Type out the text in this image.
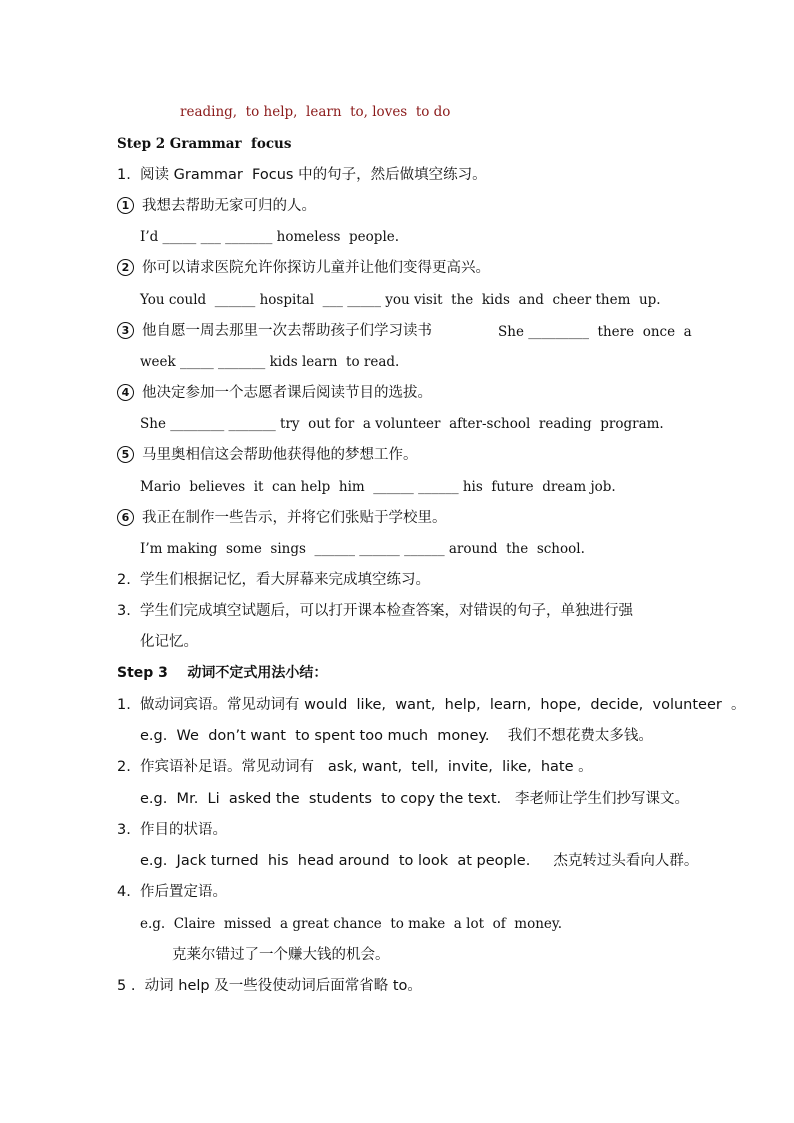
reading,  to help,  learn  to, loves  to do
Step 2 Grammar  focus
1.  阅读 Grammar  Focus 中的句子，然后做填空练习。
1 我想去帮助无家可归的人。
I’d _____ ___ _______ homeless  people.
2 你可以请求医院允许你探访儿童并让他们变得更高兴。
You could  ______ hospital  ___ _____ you visit  the  kids  and  cheer them  up.
3 他自愿一周去那里一次去帮助孩子们学习读书	She _________  there  once  a
week _____ _______ kids learn  to read.
4 他决定参加一个志愿者课后阅读节目的选拔。
She ________ _______ try  out for  a volunteer  after-school  reading  program.
5 马里奥相信这会帮助他获得他的梦想工作。
Mario  believes  it  can help  him  ______ ______ his  future  dream job.
6 我正在制作一些告示，并将它们张贴于学校里。
I’m making  some  sings  ______ ______ ______ around  the  school.
2.  学生们根据记忆，看大屏幕来完成填空练习。
3.  学生们完成填空试题后，可以打开课本检查答案，对错误的句子，单独进行强
化记忆。
Step 3    动词不定式用法小结：
1.  做动词宾语。常见动词有 would  like,  want,  help,  learn,  hope,  decide,  volunteer  。
e.g.  We  don’t want  to spent too much  money.    我们不想花费太多钱。
2.  作宾语补足语。常见动词有   ask, want,  tell,  invite,  like,  hate 。
e.g.  Mr.  Li  asked the  students  to copy the text.   李老师让学生们抄写课文。
3.  作目的状语。
e.g.  Jack turned  his  head around  to look  at people.     杰克转过头看向人群。
4.  作后置定语。
e.g.  Claire  missed  a great chance  to make  a lot  of  money.
克莱尔错过了一个赚大钱的机会。
5 .  动词 help 及一些役使动词后面常省略 to。
